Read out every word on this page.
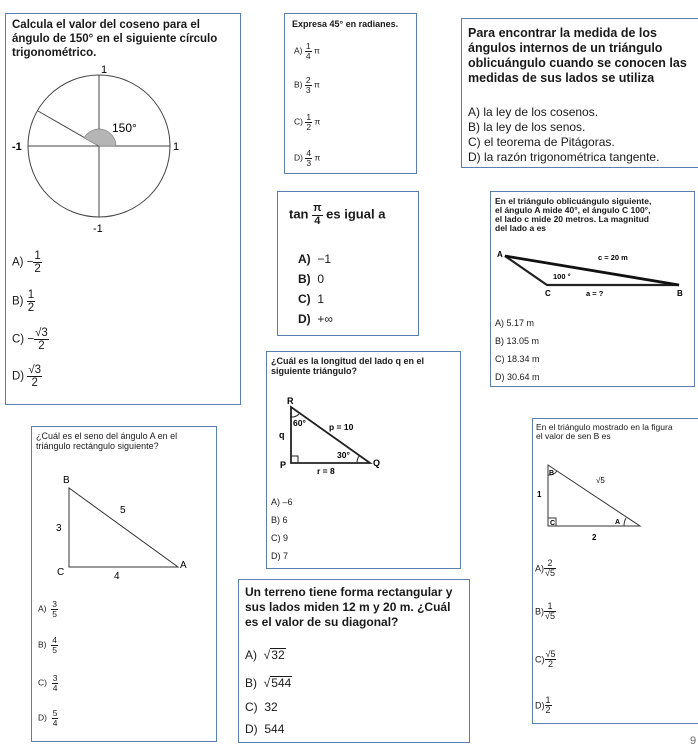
Calcula el valor del coseno para el
ángulo de 150° en el siguiente círculo
trigonométrico.
1
-1	1
-1
150°
$A) - \frac{1}{2}$
$B) \frac{1}{2}$
$C) - \frac{√3}{2}$
$D) \frac{√3}{2}$
Expresa 45° en radianes.
$A) \frac{1}{4}$ π
$B) \frac{2}{3}$ π
$C) \frac{1}{2}$ π
$D) \frac{4}{3}$ π
Para encontrar la medida de los
ángulos internos de un triángulo
oblicuángulo cuando se conocen las
medidas de sus lados se utiliza
A) la ley de los cosenos.
B) la ley de los senos.
C) el teorema de Pitágoras.
D) la razón trigonométrica tangente.
$\tan \frac{\pi}{4}$ es igual a
A) −1
B) 0
C) 1
D) +∞
En el triángulo oblicuángulo siguiente,
el ángulo A mide 40°, el ángulo C 100°,
el lado c mide 20 metros. La magnitud
del lado a es
A
B
C
c = 20 m
100 °
a = ?
A) 5.17 m
B) 13.05 m
C) 18.34 m
D) 30.64 m
¿Cuál es la longitud del lado q en el
siguiente triángulo?
R
P	Q
q
p = 10
r = 8
60°
30°
A) –6
B) 6
C) 9
D) 7
¿Cuál es el seno del ángulo A en el
triángulo rectángulo siguiente?
B
C
A
5
3
4
$A) \frac{3}{5}$
$B) \frac{4}{5}$
$C) \frac{3}{4}$
$D) \frac{5}{4}$
Un terreno tiene forma rectangular y
sus lados miden 12 m y 20 m. ¿Cuál
es el valor de su diagonal?
A)  √32
B)  √544
C) 32
D) 544
En el triángulo mostrado en la figura
el valor de sen B es
B
C	A
√5
1
2
$A) \frac{2}{√5}$
$B) \frac{1}{√5}$
$C) \frac{√5}{2}$
$D) \frac{1}{2}$
9
